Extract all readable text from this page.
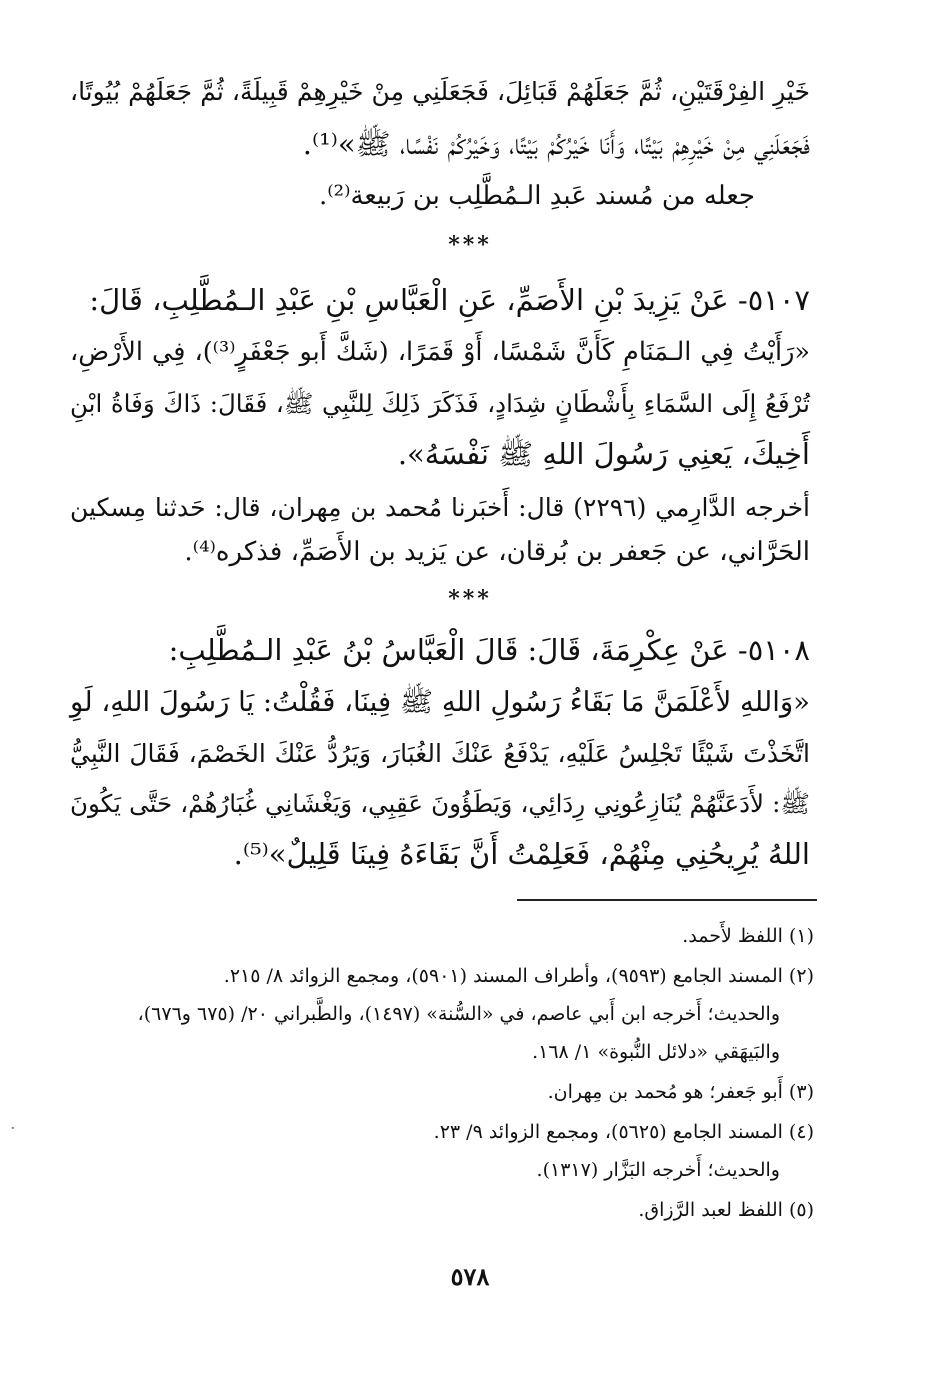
خَيْرِ الفِرْقَتَيْنِ، ثُمَّ جَعَلَهُمْ قَبَائِلَ، فَجَعَلَنِي مِنْ خَيْرِهِمْ قَبِيلَةً، ثُمَّ جَعَلَهُمْ بُيُوتًا،
فَجَعَلَنِي مِنْ خَيْرِهِمْ بَيْتًا، وَأَنَا خَيْرُكُمْ بَيْتًا، وَخَيْرُكُمْ نَفْسًا، ﷺ»⁽¹⁾.
جعله من مُسند عَبدِ الـمُطَّلِب بن رَبيعة⁽²⁾.
***
٥١٠٧- عَنْ يَزِيدَ بْنِ الأَصَمِّ، عَنِ الْعَبَّاسِ بْنِ عَبْدِ الـمُطَّلِبِ، قَالَ:
«رَأَيْتُ فِي الـمَنَامِ كَأَنَّ شَمْسًا، أَوْ قَمَرًا، (شَكَّ أَبو جَعْفَرٍ⁽³⁾)، فِي الأَرْضِ،
تُرْفَعُ إِلَى السَّمَاءِ بِأَشْطَانٍ شِدَادٍ، فَذَكَرَ ذَلِكَ لِلنَّبِي ﷺ، فَقَالَ: ذَاكَ وَفَاةُ ابْنِ
أَخِيكَ، يَعنِي رَسُولَ اللهِ ﷺ نَفْسَهُ».
أخرجه الدَّارِمي (٢٢٩٦) قال: أَخبَرنا مُحمد بن مِهران، قال: حَدثنا مِسكين
الحَرَّاني، عن جَعفر بن بُرقان، عن يَزيد بن الأَصَمِّ، فذكره⁽⁴⁾.
***
٥١٠٨- عَنْ عِكْرِمَةَ، قَالَ: قَالَ الْعَبَّاسُ بْنُ عَبْدِ الـمُطَّلِبِ:
«وَاللهِ لأَعْلَمَنَّ مَا بَقَاءُ رَسُولِ اللهِ ﷺ فِينَا، فَقُلْتُ: يَا رَسُولَ اللهِ، لَوِ
اتَّخَذْتَ شَيْئًا تَجْلِسُ عَلَيْهِ، يَدْفَعُ عَنْكَ الغُبَارَ، وَيَرُدُّ عَنْكَ الخَصْمَ، فَقَالَ النَّبِيُّ
ﷺ: لأَدَعَنَّهُمْ يُنَازِعُونِي رِدَائِي، وَيَطَؤُونَ عَقِبِي، وَيَغْشَانِي غُبَارُهُمْ، حَتَّى يَكُونَ
اللهُ يُرِيحُنِي مِنْهُمْ، فَعَلِمْتُ أَنَّ بَقَاءَهُ فِينَا قَلِيلٌ»⁽⁵⁾.
(١) اللفظ لأَحمد.
(٢) المسند الجامع (٩٥٩٣)، وأطراف المسند (٥٩٠١)، ومجمع الزوائد ٨/ ٢١٥.
والحديث؛ أَخرجه ابن أَبي عاصم، في «السُّنة» (١٤٩٧)، والطَّبراني ٢٠/ (٦٧٥ و٦٧٦)،
والبَيهَقي «دلائل النُّبوة» ١/ ١٦٨.
(٣) أَبو جَعفر؛ هو مُحمد بن مِهران.
(٤) المسند الجامع (٥٦٢٥)، ومجمع الزوائد ٩/ ٢٣.
والحديث؛ أَخرجه البَزَّار (١٣١٧).
(٥) اللفظ لعبد الرَّزاق.
٥٧٨
·
